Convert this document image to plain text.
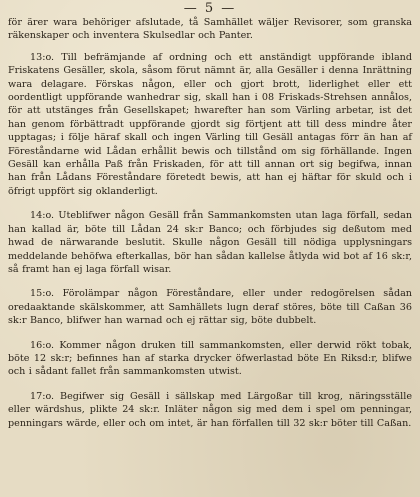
— 5 —

för ärer wara behöriger afslutade, tå Samhället wäljer Revisorer, som granska räkenskaper och inventera Skulsedlar och Panter.

13:o. Till befrämjande af ordning och ett anständigt uppförande ibland Friskatens Gesäller, skola, såsom förut nämnt är, alla Gesäller i denna Inrättning wara delagare. Förskas någon, eller och gjort brott, liderlighet eller ett oordentligt uppförande wanhedrar sig, skall han i 08 Friskads-Strehsen annålos, för att utstänges från Gesellskapet; hwarefter han som Värling arbetar, ist det han genom förbättradt uppförande gjordt sig förtjent att till dess mindre åter upptagas; i följe häraf skall och ingen Värling till Gesäll antagas förr än han af Föreståndarne wid Lådan erhållit bewis och tillstånd om sig förhällande. Ingen Gesäll kan erhålla Paß från Friskaden, för att till annan ort sig begifwa, innan han från Lådans Föreståndare företedt bewis, att han ej häftar för skuld och i öfrigt uppfört sig oklanderligt.

14:o. Uteblifwer någon Gesäll från Sammankomsten utan laga förfall, sedan han kallad är, böte till Lådan 24 sk:r Banco; och förbjudes sig deßutom med hwad de närwarande beslutit. Skulle någon Gesäll till nödiga upplysningars meddelande behöfwa efterkallas, bör han sådan kallelse åtlyda wid bot af 16 sk:r, så framt han ej laga förfall wisar.

15:o. Förolämpar någon Föreståndare, eller under redogörelsen sådan oredaaktande skälskommer, att Samhällets lugn deraf störes, böte till Caßan 36 sk:r Banco, blifwer han warnad och ej rättar sig, böte dubbelt.

16:o. Kommer någon druken till sammankomsten, eller derwid rökt tobak, böte 12 sk:r; befinnes han af starka drycker öfwerlastad böte En Riksd:r, blifwe och i sådant fallet från sammankomsten utwist.

17:o. Begifwer sig Gesäll i sällskap med Lärgoßar till krog, näringsställe eller wärdshus, plikte 24 sk:r. Inläter någon sig med dem i spel om penningar, penningars wärde, eller och om intet, är han förfallen till 32 sk:r böter till Caßan.
